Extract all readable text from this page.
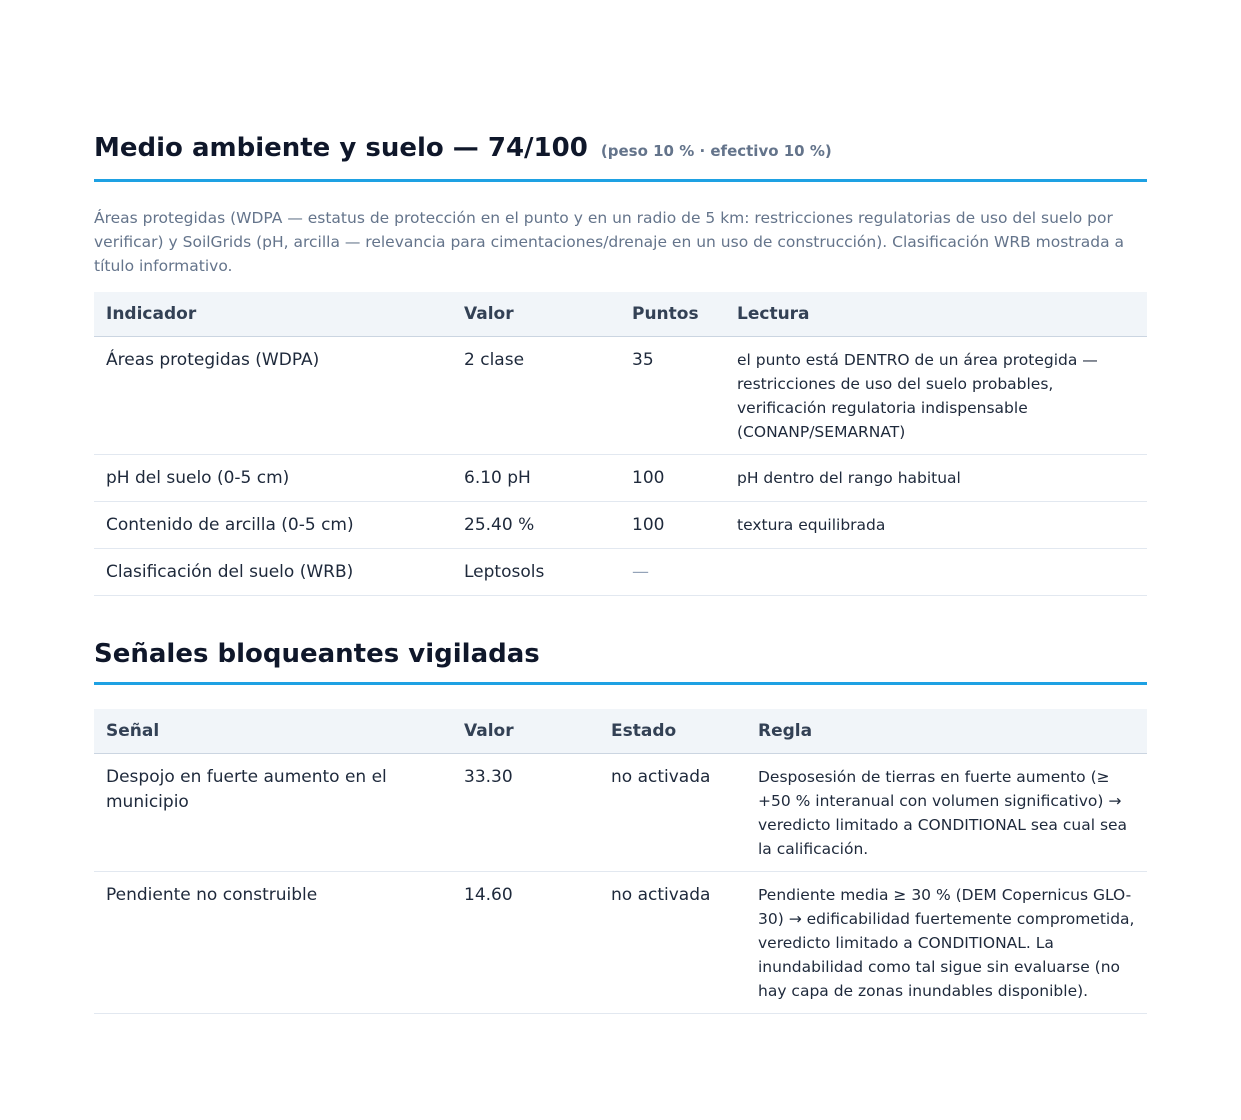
Medio ambiente y suelo — 74/100 (peso 10 % · efectivo 10 %)

Áreas protegidas (WDPA — estatus de protección en el punto y en un radio de 5 km: restricciones regulatorias de uso del suelo por verificar) y SoilGrids (pH, arcilla — relevancia para cimentaciones/drenaje en un uso de construcción). Clasificación WRB mostrada a título informativo.

Indicador	Valor	Puntos	Lectura
Áreas protegidas (WDPA)	2 clase	35	el punto está DENTRO de un área protegida — restricciones de uso del suelo probables, verificación regulatoria indispensable (CONANP/SEMARNAT)
pH del suelo (0-5 cm)	6.10 pH	100	pH dentro del rango habitual
Contenido de arcilla (0-5 cm)	25.40 %	100	textura equilibrada
Clasificación del suelo (WRB)	Leptosols	—	
Señales bloqueantes vigiladas
Señal	Valor	Estado	Regla
Despojo en fuerte aumento en el municipio	33.30	no activada	Desposesión de tierras en fuerte aumento (≥ +50 % interanual con volumen significativo) → veredicto limitado a CONDITIONAL sea cual sea la calificación.
Pendiente no construible	14.60	no activada	Pendiente media ≥ 30 % (DEM Copernicus GLO-30) → edificabilidad fuertemente comprometida, veredicto limitado a CONDITIONAL. La inundabilidad como tal sigue sin evaluarse (no hay capa de zonas inundables disponible).
